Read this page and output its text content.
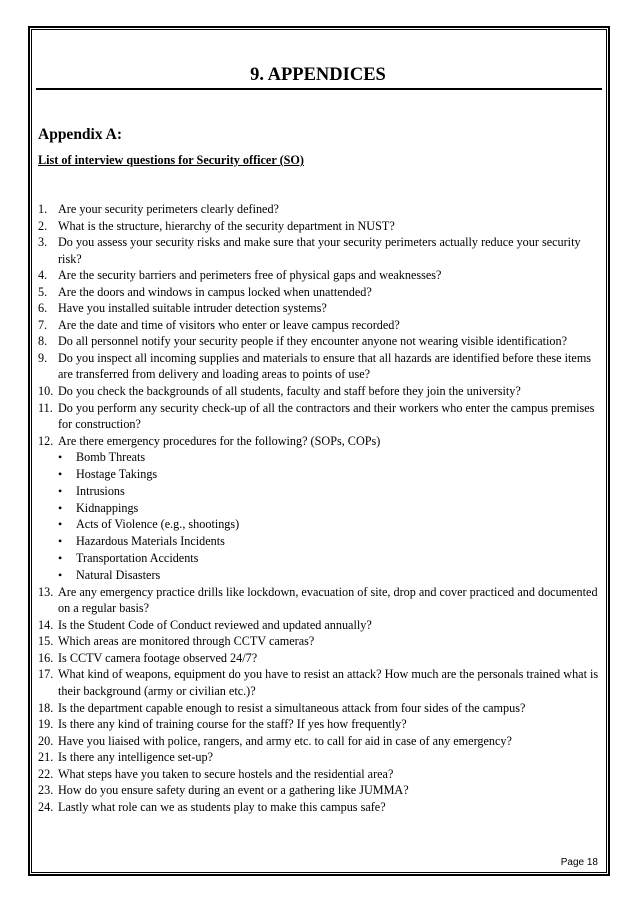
9. APPENDICES
Appendix A:
List of interview questions for Security officer (SO)
1. Are your security perimeters clearly defined?
2. What is the structure, hierarchy of the security department in NUST?
3. Do you assess your security risks and make sure that your security perimeters actually reduce your security risk?
4. Are the security barriers and perimeters free of physical gaps and weaknesses?
5. Are the doors and windows in campus locked when unattended?
6. Have you installed suitable intruder detection systems?
7. Are the date and time of visitors who enter or leave campus recorded?
8. Do all personnel notify your security people if they encounter anyone not wearing visible identification?
9. Do you inspect all incoming supplies and materials to ensure that all hazards are identified before these items are transferred from delivery and loading areas to points of use?
10. Do you check the backgrounds of all students, faculty and staff before they join the university?
11. Do you perform any security check-up of all the contractors and their workers who enter the campus premises for construction?
12. Are there emergency procedures for the following? (SOPs, COPs)
• Bomb Threats
• Hostage Takings
• Intrusions
• Kidnappings
• Acts of Violence (e.g., shootings)
• Hazardous Materials Incidents
• Transportation Accidents
• Natural Disasters
13. Are any emergency practice drills like lockdown, evacuation of site, drop and cover practiced and documented on a regular basis?
14. Is the Student Code of Conduct reviewed and updated annually?
15. Which areas are monitored through CCTV cameras?
16. Is CCTV camera footage observed 24/7?
17. What kind of weapons, equipment do you have to resist an attack? How much are the personals trained what is their background (army or civilian etc.)?
18. Is the department capable enough to resist a simultaneous attack from four sides of the campus?
19. Is there any kind of training course for the staff? If yes how frequently?
20. Have you liaised with police, rangers, and army etc. to call for aid in case of any emergency?
21. Is there any intelligence set-up?
22. What steps have you taken to secure hostels and the residential area?
23. How do you ensure safety during an event or a gathering like JUMMA?
24. Lastly what role can we as students play to make this campus safe?
Page 18
